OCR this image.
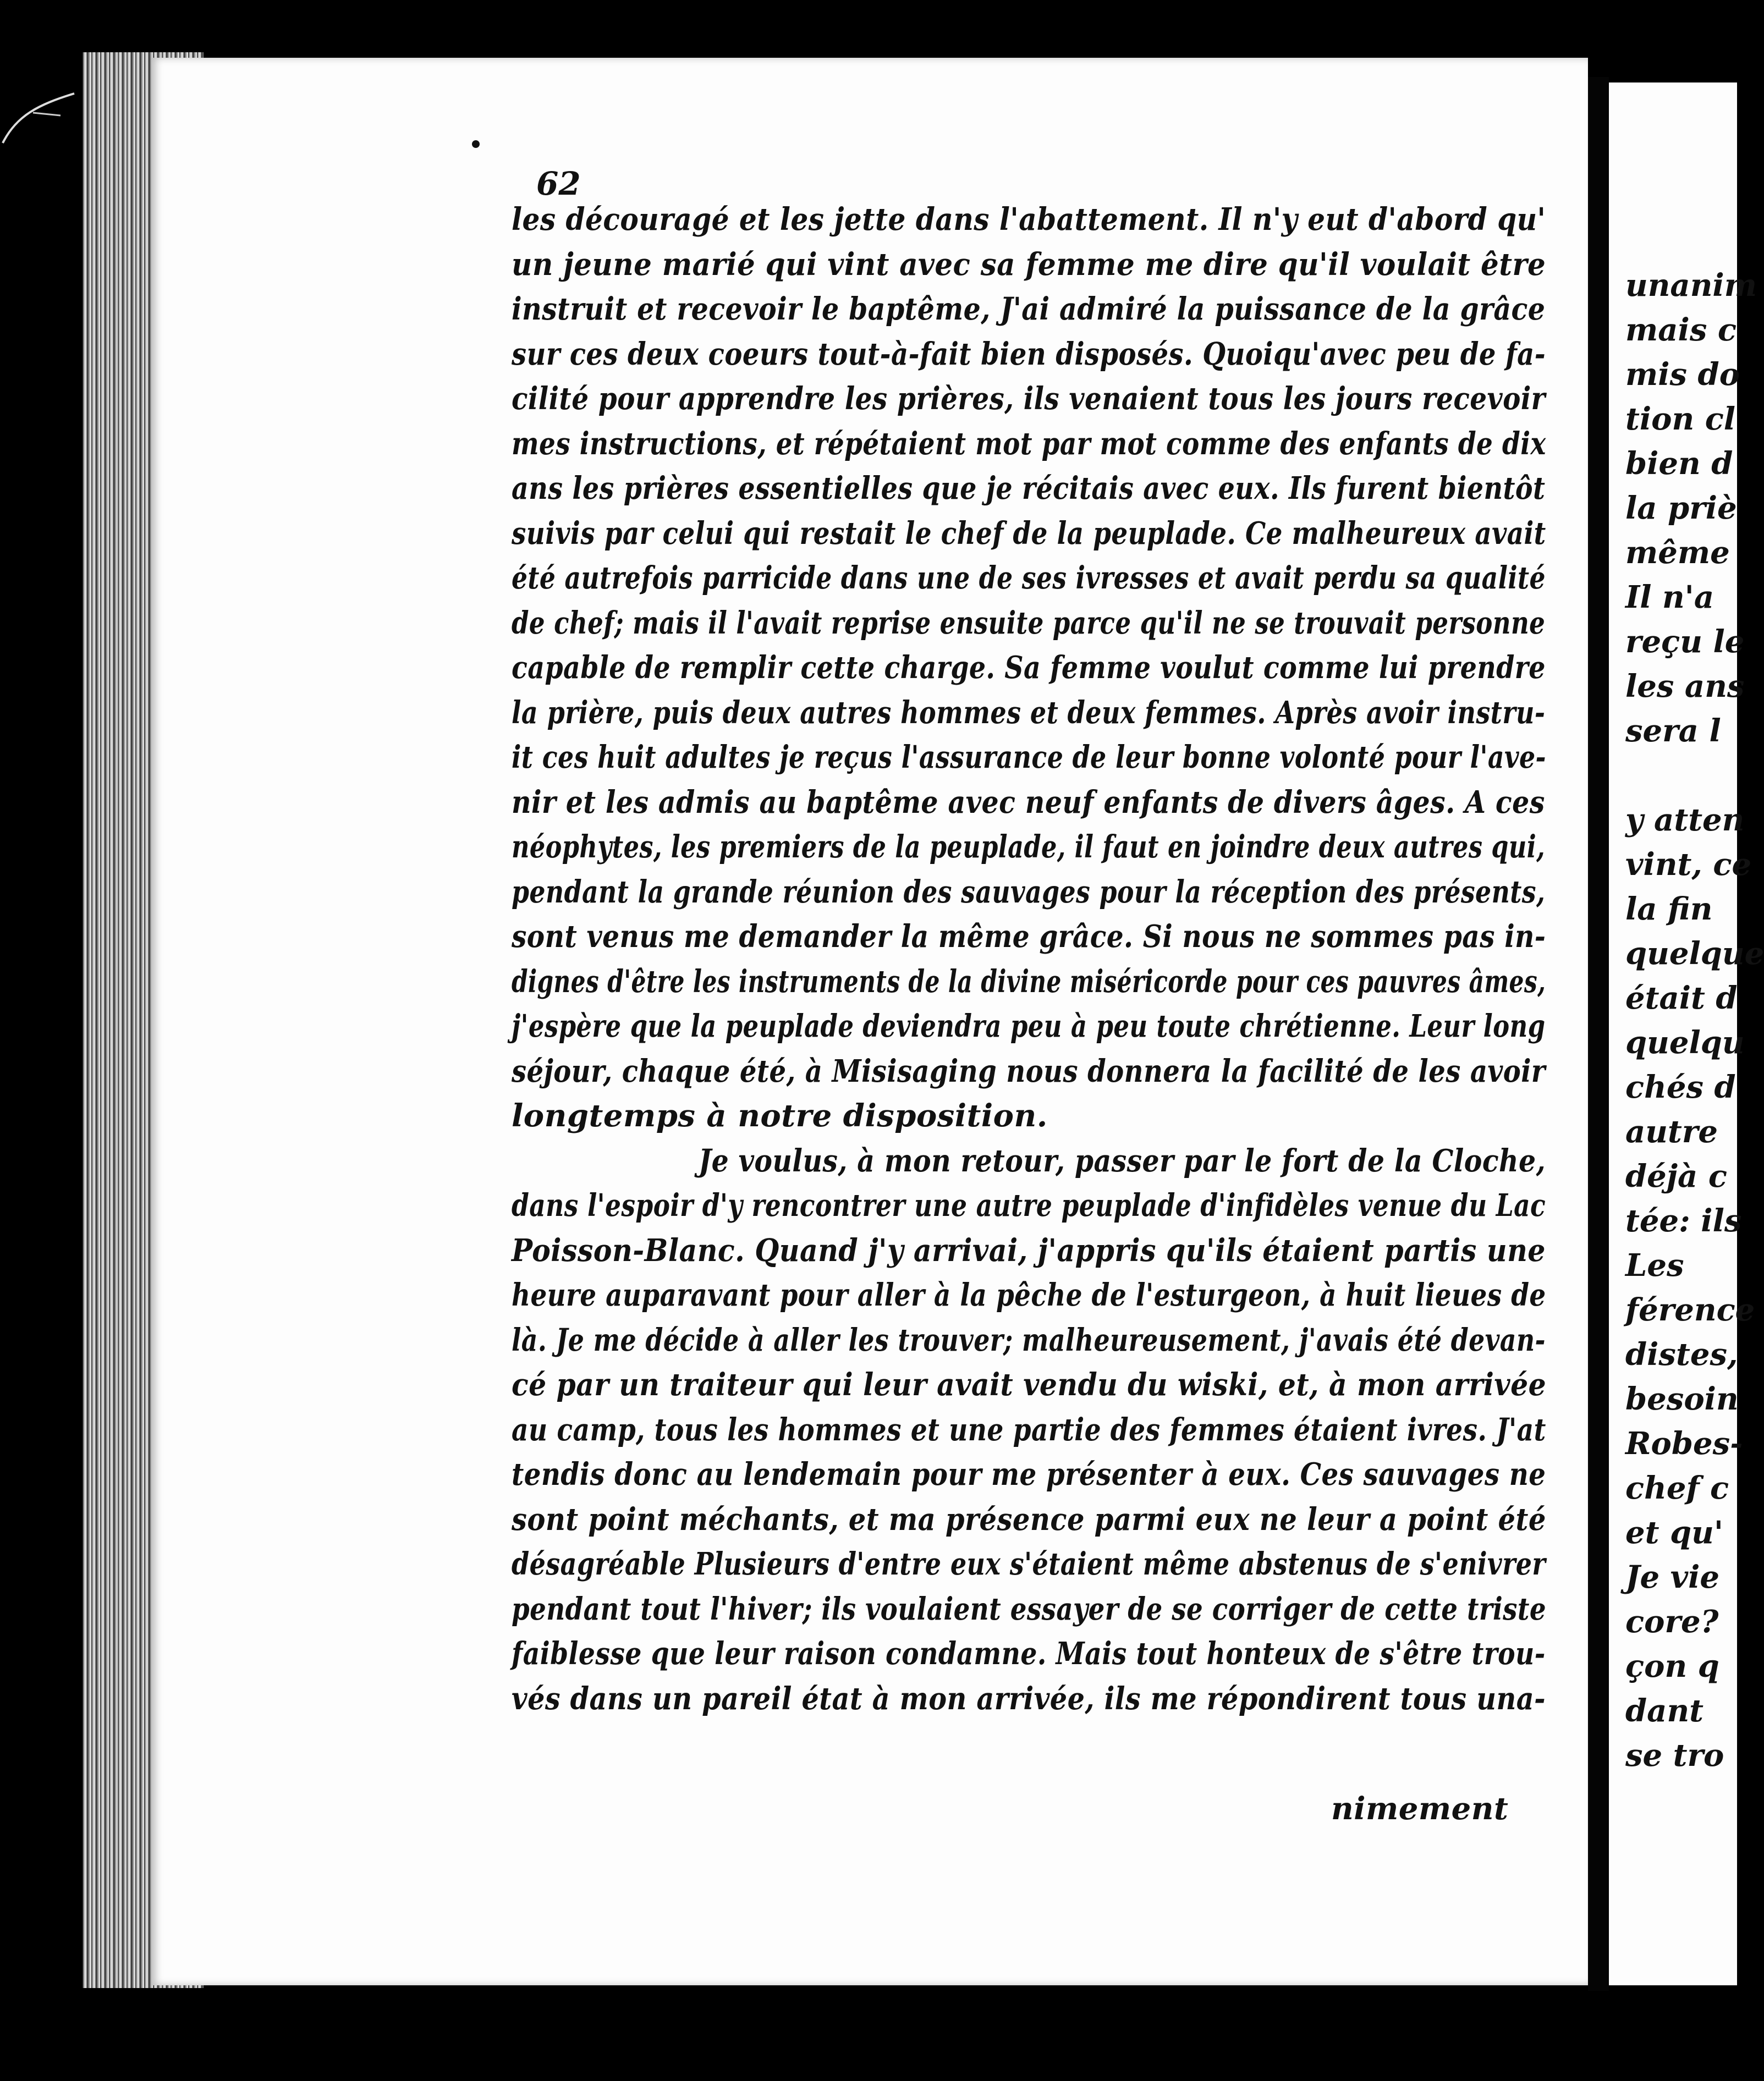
unanim
mais c
mis do
tion cl
bien d
la priè
même
Il n'a
reçu le
les ans
sera l
y atten
vint, ce
la fin
quelque
était d
quelqu
chés d
autre
déjà c
tée: ils
Les
férence
distes,
besoin
Robes-
chef c
et qu'
Je vie
core?
çon q
dant
se tro
62
les découragé et les jette dans l'abattement. Il n'y eut d'abord qu'
un jeune marié qui vint avec sa femme me dire qu'il voulait être
instruit et recevoir le baptême, J'ai admiré la puissance de la grâce
sur ces deux coeurs tout-à-fait bien disposés. Quoiqu'avec peu de fa-
cilité pour apprendre les prières, ils venaient tous les jours recevoir
mes instructions, et répétaient mot par mot comme des enfants de dix
ans les prières essentielles que je récitais avec eux. Ils furent bientôt
suivis par celui qui restait le chef de la peuplade. Ce malheureux avait
été autrefois parricide dans une de ses ivresses et avait perdu sa qualité
de chef; mais il l'avait reprise ensuite parce qu'il ne se trouvait personne
capable de remplir cette charge. Sa femme voulut comme lui prendre
la prière, puis deux autres hommes et deux femmes. Après avoir instru-
it ces huit adultes je reçus l'assurance de leur bonne volonté pour l'ave-
nir et les admis au baptême avec neuf enfants de divers âges. A ces
néophytes, les premiers de la peuplade, il faut en joindre deux autres qui,
pendant la grande réunion des sauvages pour la réception des présents,
sont venus me demander la même grâce. Si nous ne sommes pas in-
dignes d'être les instruments de la divine miséricorde pour ces pauvres âmes,
j'espère que la peuplade deviendra peu à peu toute chrétienne. Leur long
séjour, chaque été, à Misisaging nous donnera la facilité de les avoir
longtemps à notre disposition.
Je voulus, à mon retour, passer par le fort de la Cloche,
dans l'espoir d'y rencontrer une autre peuplade d'infidèles venue du Lac
Poisson-Blanc. Quand j'y arrivai, j'appris qu'ils étaient partis une
heure auparavant pour aller à la pêche de l'esturgeon, à huit lieues de
là. Je me décide à aller les trouver; malheureusement, j'avais été devan-
cé par un traiteur qui leur avait vendu du wiski, et, à mon arrivée
au camp, tous les hommes et une partie des femmes étaient ivres. J'at
tendis donc au lendemain pour me présenter à eux. Ces sauvages ne
sont point méchants, et ma présence parmi eux ne leur a point été
désagréable Plusieurs d'entre eux s'étaient même abstenus de s'enivrer
pendant tout l'hiver; ils voulaient essayer de se corriger de cette triste
faiblesse que leur raison condamne. Mais tout honteux de s'être trou-
vés dans un pareil état à mon arrivée, ils me répondirent tous una-
nimement
